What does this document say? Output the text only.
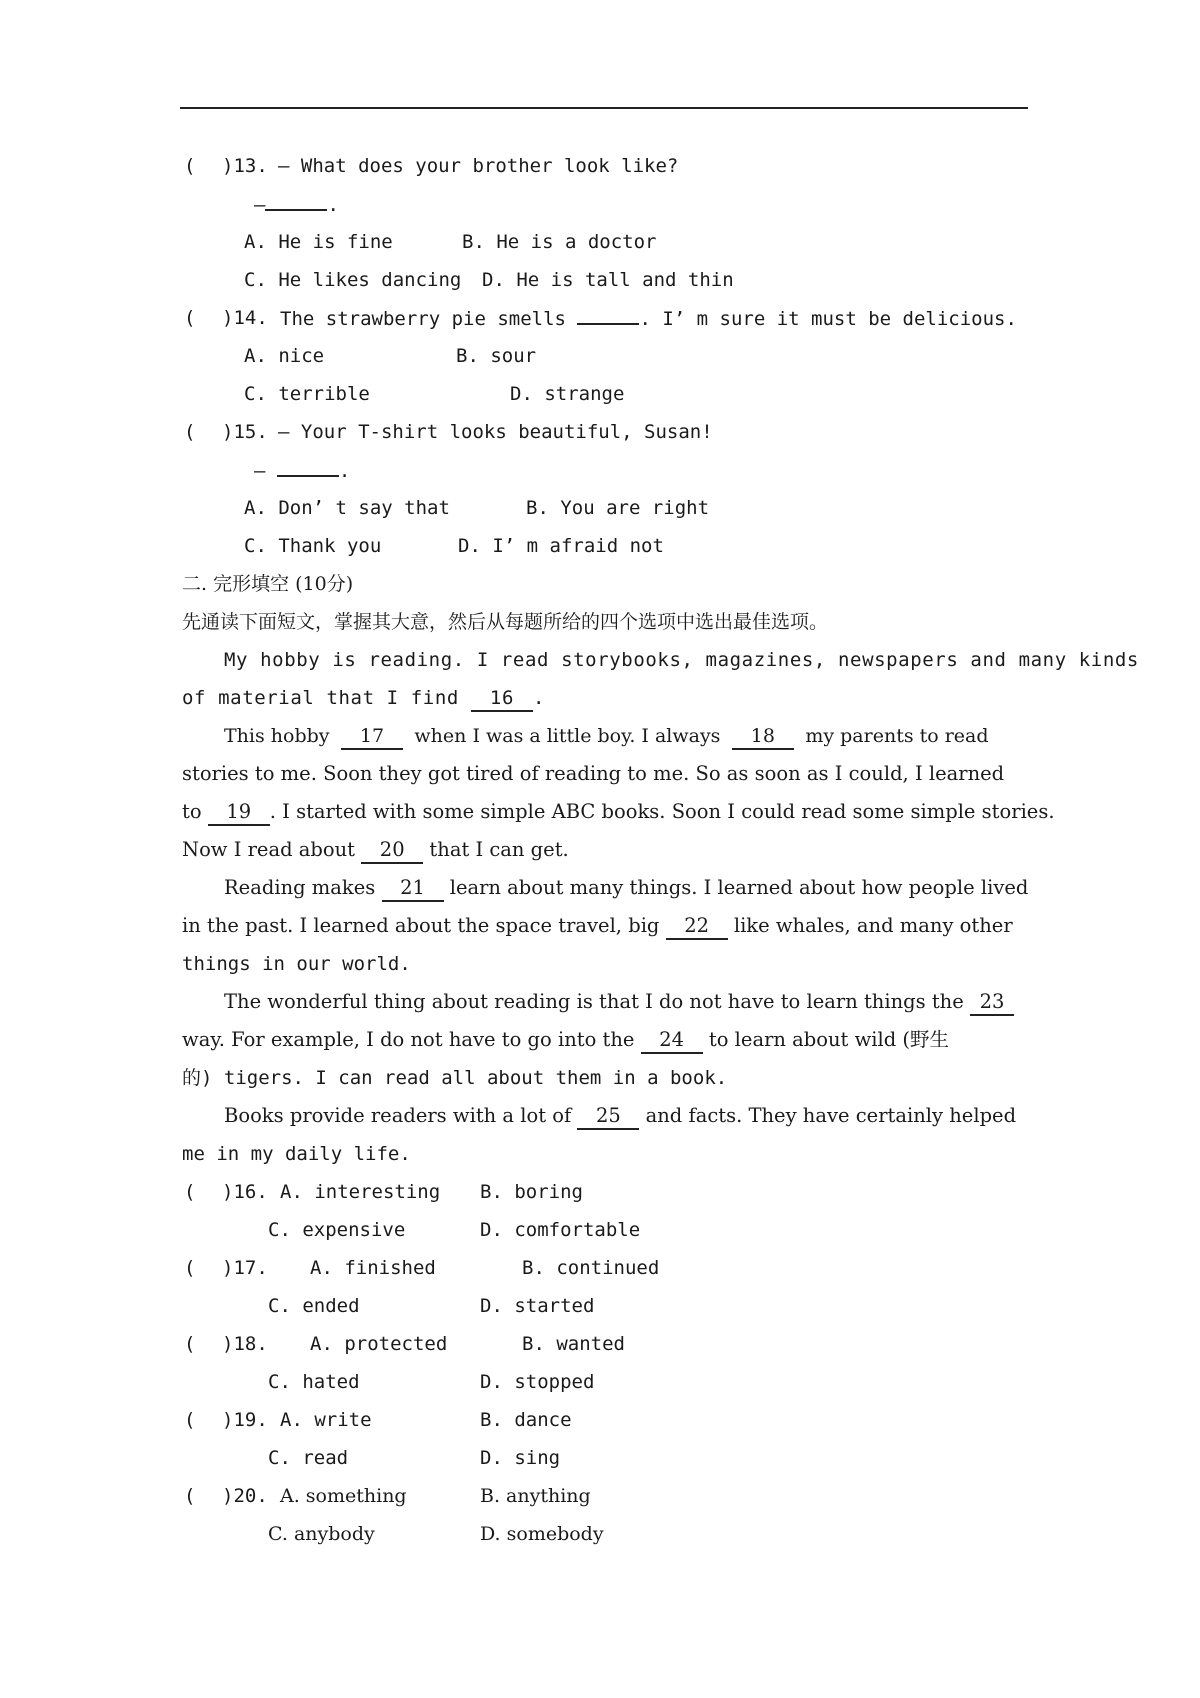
( )13. — What does your brother look like?
—	.
A. He is fine	B. He is a doctor
C. He likes dancing D. He is tall and thin
( )14. The strawberry pie smells	. I’ m sure it must be delicious.
A. nice	B. sour
C. terrible	D. strange
( )15. — Your T-shirt looks beautiful, Susan!
—	.
A. Don’ t say that	B. You are right
C. Thank you	D. I’ m afraid not
二. 完形填空 (10分)
先通读下面短文，掌握其大意，然后从每题所给的四个选项中选出最佳选项。
My hobby is reading. I read storybooks, magazines, newspapers and many kinds
of material that I find 16 .
This hobby 17 when I was a little boy. I always 18 my parents to read
stories to me. Soon they got tired of reading to me. So as soon as I could, I learned
to 19 . I started with some simple ABC books. Soon I could read some simple stories.
Now I read about 20 that I can get.
Reading makes 21 learn about many things. I learned about how people lived
in the past. I learned about the space travel, big 22 like whales, and many other
things in our world.
The wonderful thing about reading is that I do not have to learn things the 23
way. For example, I do not have to go into the 24 to learn about wild (野生
的) tigers. I can read all about them in a book.
Books provide readers with a lot of 25 and facts. They have certainly helped
me in my daily life.
( )16. A. interesting B. boring
C. expensive	D. comfortable
( )17. A. finished	B. continued
C. ended	D. started
( )18. A. protected	B. wanted
C. hated	D. stopped
( )19. A. write	B. dance
C. read	D. sing
( )20. A. something	B. anything
C. anybody	D. somebody
